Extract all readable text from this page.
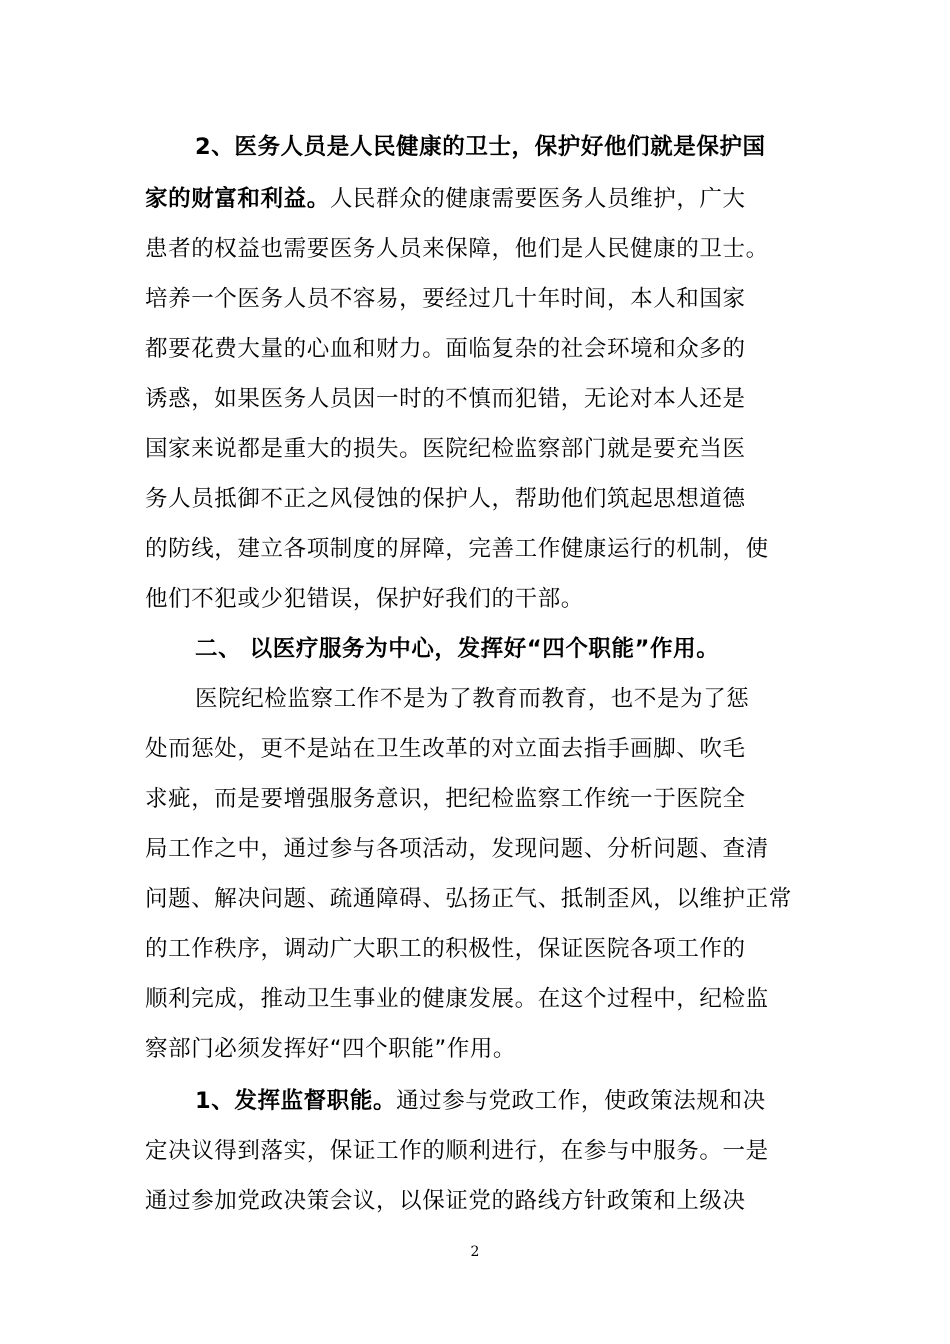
2、医务人员是人民健康的卫士，保护好他们就是保护国
家的财富和利益。人民群众的健康需要医务人员维护，广大
患者的权益也需要医务人员来保障，他们是人民健康的卫士。
培养一个医务人员不容易，要经过几十年时间，本人和国家
都要花费大量的心血和财力。面临复杂的社会环境和众多的
诱惑，如果医务人员因一时的不慎而犯错，无论对本人还是
国家来说都是重大的损失。医院纪检监察部门就是要充当医
务人员抵御不正之风侵蚀的保护人，帮助他们筑起思想道德
的防线，建立各项制度的屏障，完善工作健康运行的机制，使
他们不犯或少犯错误，保护好我们的干部。
二、 以医疗服务为中心，发挥好“四个职能”作用。
医院纪检监察工作不是为了教育而教育，也不是为了惩
处而惩处，更不是站在卫生改革的对立面去指手画脚、吹毛
求疵，而是要增强服务意识，把纪检监察工作统一于医院全
局工作之中，通过参与各项活动，发现问题、分析问题、查清
问题、解决问题、疏通障碍、弘扬正气、抵制歪风，以维护正常
的工作秩序，调动广大职工的积极性，保证医院各项工作的
顺利完成，推动卫生事业的健康发展。在这个过程中，纪检监
察部门必须发挥好“四个职能”作用。
1、发挥监督职能。通过参与党政工作，使政策法规和决
定决议得到落实，保证工作的顺利进行，在参与中服务。一是
通过参加党政决策会议，以保证党的路线方针政策和上级决
2
